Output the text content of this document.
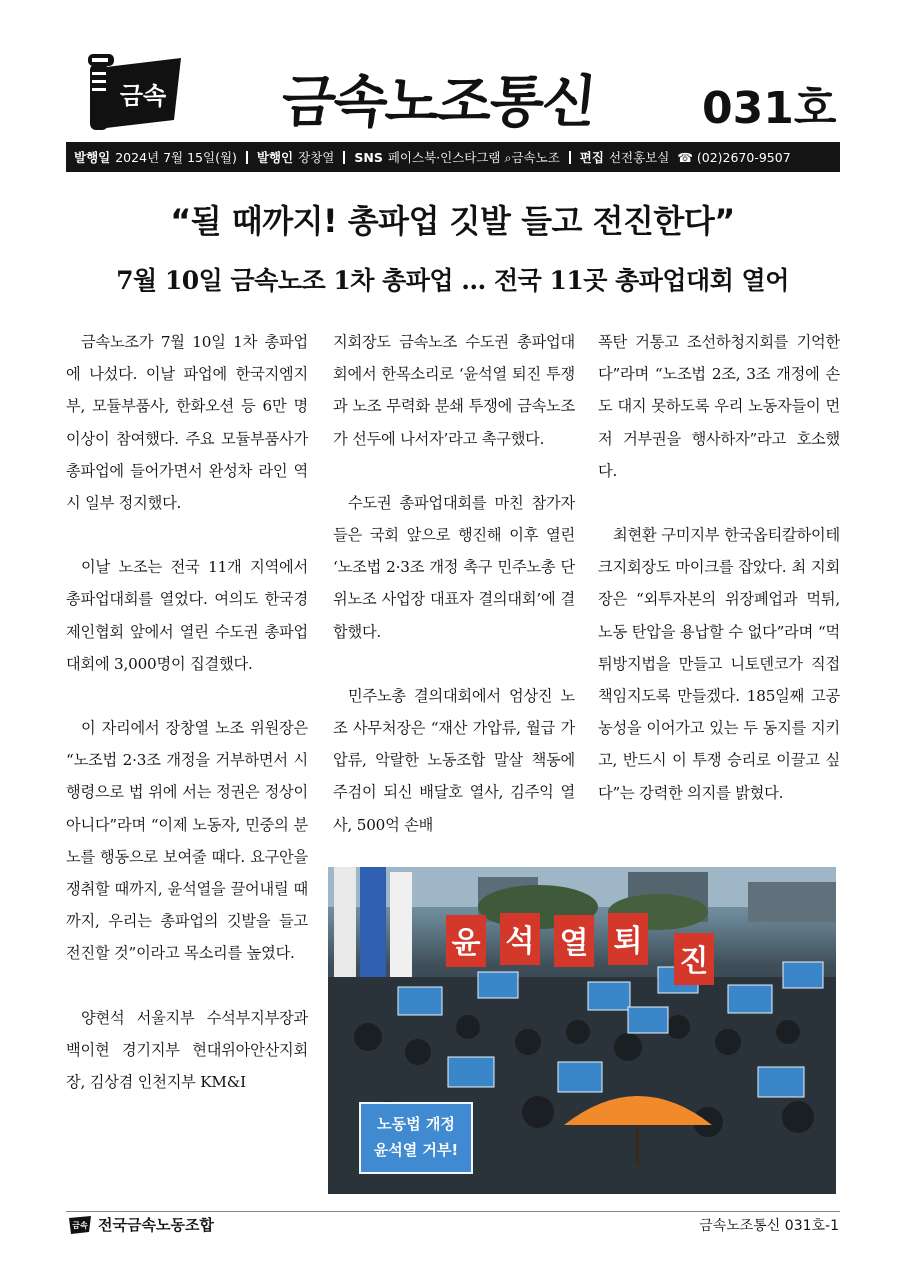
금속 금속노조통신 031호
발행일 2024년 7월 15일(월) 발행인 장창열 SNS 페이스북·인스타그램 ⌕금속노조 편집 선전홍보실 ☎ (02)2670-9507
“될 때까지! 총파업 깃발 들고 전진한다”
7월 10일 금속노조 1차 총파업 … 전국 11곳 총파업대회 열어

금속노조가 7월 10일 1차 총파업에 나섰다. 이날 파업에 한국지엠지부, 모듈부품사, 한화오션 등 6만 명 이상이 참여했다. 주요 모듈부품사가 총파업에 들어가면서 완성차 라인 역시 일부 정지했다.

이날 노조는 전국 11개 지역에서 총파업대회를 열었다. 여의도 한국경제인협회 앞에서 열린 수도권 총파업대회에 3,000명이 집결했다.

이 자리에서 장창열 노조 위원장은 “노조법 2·3조 개정을 거부하면서 시행령으로 법 위에 서는 정권은 정상이 아니다”라며 “이제 노동자, 민중의 분노를 행동으로 보여줄 때다. 요구안을 쟁취할 때까지, 윤석열을 끌어내릴 때까지, 우리는 총파업의 깃발을 들고 전진할 것”이라고 목소리를 높였다.

양현석 서울지부 수석부지부장과 백이현 경기지부 현대위아안산지회장, 김상겸 인천지부 KM&I

지회장도 금속노조 수도권 총파업대회에서 한목소리로 ‘윤석열 퇴진 투쟁과 노조 무력화 분쇄 투쟁에 금속노조가 선두에 나서자’라고 촉구했다.

수도권 총파업대회를 마친 참가자들은 국회 앞으로 행진해 이후 열린 ‘노조법 2·3조 개정 촉구 민주노총 단위노조 사업장 대표자 결의대회’에 결합했다.

민주노총 결의대회에서 엄상진 노조 사무처장은 “재산 가압류, 월급 가압류, 악랄한 노동조합 말살 책동에 주검이 되신 배달호 열사, 김주익 열사, 500억 손배

폭탄 거통고 조선하청지회를 기억한다”라며 “노조법 2조, 3조 개정에 손도 대지 못하도록 우리 노동자들이 먼저 거부권을 행사하자”라고 호소했다.

최현환 구미지부 한국옵티칼하이테크지회장도 마이크를 잡았다. 최 지회장은 “외투자본의 위장폐업과 먹튀, 노동 탄압을 용납할 수 없다”라며 “먹튀방지법을 만들고 니토덴코가 직접 책임지도록 만들겠다. 185일째 고공농성을 이어가고 있는 두 동지를 지키고, 반드시 이 투쟁 승리로 이끌고 싶다”는 강력한 의지를 밝혔다.

노동법 개정
윤석열 거부!
윤 석 열 퇴
진
금속 전국금속노동조합	금속노조통신 031호-1
